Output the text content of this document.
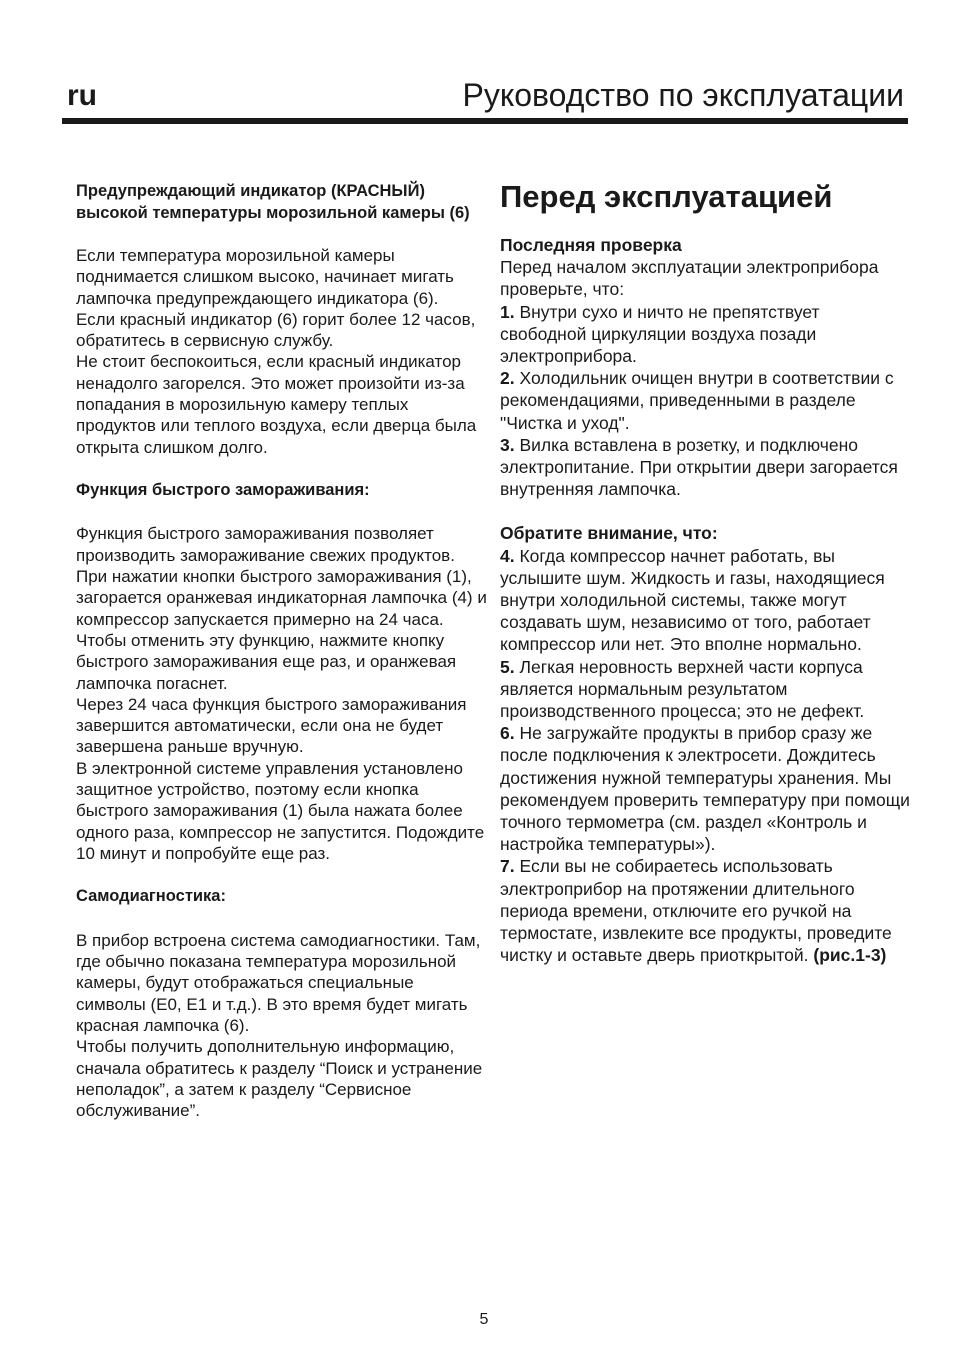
ru	Руководство по эксплуатации

Предупреждающий индикатор (КРАСНЫЙ) высокой температуры морозильной камеры (6)

Если температура морозильной камеры поднимается слишком высоко, начинает мигать лампочка предупреждающего индикатора (6).

Если красный индикатор (6) горит более 12 часов, обратитесь в сервисную службу.

Не стоит беспокоиться, если красный индикатор ненадолго загорелся. Это может произойти из-за попадания в морозильную камеру теплых продуктов или теплого воздуха, если дверца была открыта слишком долго.

Функция быстрого замораживания:

Функция быстрого замораживания позволяет производить замораживание свежих продуктов.

При нажатии кнопки быстрого замораживания (1), загорается оранжевая индикаторная лампочка (4) и компрессор запускается примерно на 24 часа.

Чтобы отменить эту функцию, нажмите кнопку быстрого замораживания еще раз, и оранжевая лампочка погаснет.

Через 24 часа функция быстрого замораживания завершится автоматически, если она не будет завершена раньше вручную.

В электронной системе управления установлено защитное устройство, поэтому если кнопка быстрого замораживания (1) была нажата более одного раза, компрессор не запустится. Подождите 10 минут и попробуйте еще раз.

Самодиагностика:

В прибор встроена система самодиагностики. Там, где обычно показана температура морозильной камеры, будут отображаться специальные символы (E0, E1 и т.д.). В это время будет мигать красная лампочка (6).

Чтобы получить дополнительную информацию, сначала обратитесь к разделу “Поиск и устранение неполадок”, а затем к разделу “Сервисное обслуживание”.

Перед эксплуатацией

Последняя проверка

Перед началом эксплуатации электроприбора проверьте, что:

1. Внутри сухо и ничто не препятствует свободной циркуляции воздуха позади электроприбора.

2. Холодильник очищен внутри в соответствии с рекомендациями, приведенными в разделе "Чистка и уход".

3. Вилка вставлена в розетку, и подключено электропитание. При открытии двери загорается внутренняя лампочка.

Обратите внимание, что:

4. Когда компрессор начнет работать, вы услышите шум. Жидкость и газы, находящиеся внутри холодильной системы, также могут создавать шум, независимо от того, работает компрессор или нет. Это вполне нормально.

5. Легкая неровность верхней части корпуса является нормальным результатом производственного процесса; это не дефект.

6. Не загружайте продукты в прибор сразу же после подключения к электросети. Дождитесь достижения нужной температуры хранения. Мы рекомендуем проверить температуру при помощи точного термометра (см. раздел «Контроль и настройка температуры»).

7. Если вы не собираетесь использовать электроприбор на протяжении длительного периода времени, отключите его ручкой на термостате, извлеките все продукты, проведите чистку и оставьте дверь приоткрытой. (рис.1-3)

5
